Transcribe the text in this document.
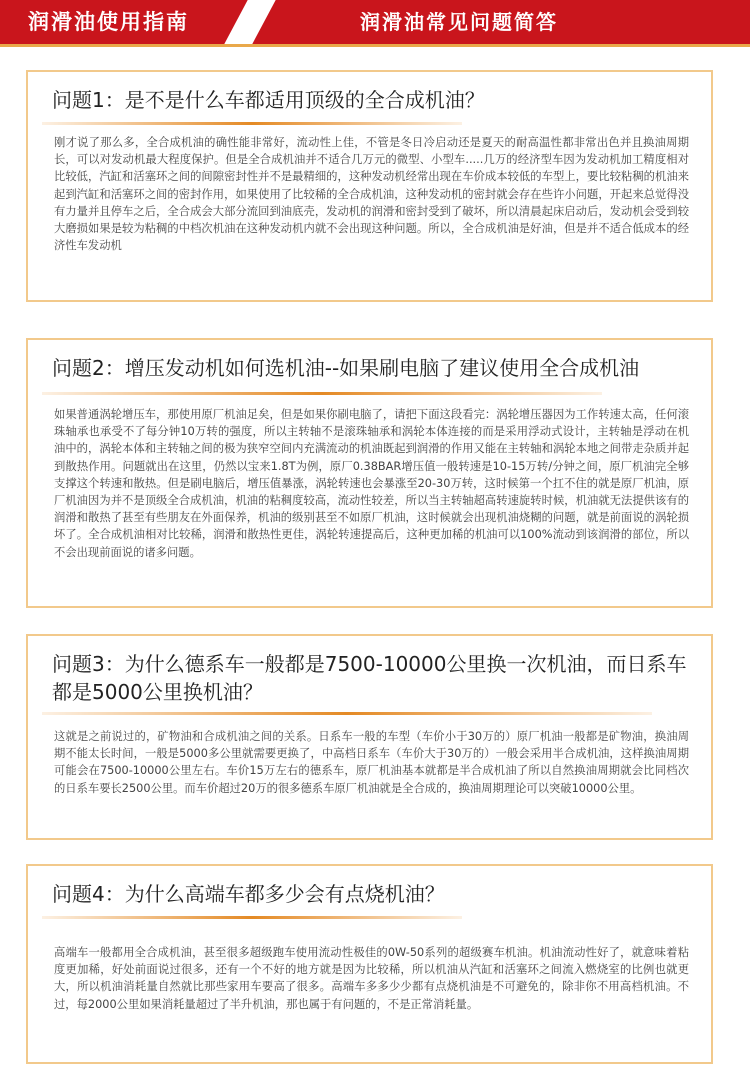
润滑油使用指南	润滑油常见问题简答
问题1：是不是什么车都适用顶级的全合成机油？
刚才说了那么多，全合成机油的确性能非常好，流动性上佳，不管是冬日冷启动还是夏天的耐高温性都非常出色并且换油周期长，可以对发动机最大程度保护。但是全合成机油并不适合几万元的微型、小型车.....几万的经济型车因为发动机加工精度相对比较低，汽缸和活塞环之间的间隙密封性并不是最精细的，这种发动机经常出现在车价成本较低的车型上，要比较粘稠的机油来起到汽缸和活塞环之间的密封作用，如果使用了比较稀的全合成机油，这种发动机的密封就会存在些许小问题，开起来总觉得没有力量并且停车之后，全合成会大部分流回到油底壳，发动机的润滑和密封受到了破坏，所以清晨起床启动后，发动机会受到较大磨损如果是较为粘稠的中档次机油在这种发动机内就不会出现这种问题。所以，全合成机油是好油，但是并不适合低成本的经济性车发动机
问题2：增压发动机如何选机油--如果刷电脑了建议使用全合成机油
如果普通涡轮增压车，那使用原厂机油足矣，但是如果你刷电脑了，请把下面这段看完：涡轮增压器因为工作转速太高，任何滚珠轴承也承受不了每分钟10万转的强度，所以主转轴不是滚珠轴承和涡轮本体连接的而是采用浮动式设计，主转轴是浮动在机油中的，涡轮本体和主转轴之间的极为狭窄空间内充满流动的机油既起到润滑的作用又能在主转轴和涡轮本地之间带走杂质并起到散热作用。问题就出在这里，仍然以宝来1.8T为例，原厂0.38BAR增压值一般转速是10-15万转/分钟之间，原厂机油完全够支撑这个转速和散热。但是刷电脑后，增压值暴涨，涡轮转速也会暴涨至20-30万转，这时候第一个扛不住的就是原厂机油，原厂机油因为并不是顶级全合成机油，机油的粘稠度较高，流动性较差，所以当主转轴超高转速旋转时候，机油就无法提供该有的润滑和散热了甚至有些朋友在外面保养，机油的级别甚至不如原厂机油，这时候就会出现机油烧糊的问题，就是前面说的涡轮损坏了。全合成机油相对比较稀，润滑和散热性更佳，涡轮转速提高后，这种更加稀的机油可以100%流动到该润滑的部位，所以不会出现前面说的诸多问题。
问题3：为什么德系车一般都是7500-10000公里换一次机油，而日系车都是5000公里换机油？
这就是之前说过的，矿物油和合成机油之间的关系。日系车一般的车型（车价小于30万的）原厂机油一般都是矿物油，换油周期不能太长时间，一般是5000多公里就需要更换了，中高档日系车（车价大于30万的）一般会采用半合成机油，这样换油周期可能会在7500-10000公里左右。车价15万左右的德系车，原厂机油基本就都是半合成机油了所以自然换油周期就会比同档次的日系车要长2500公里。而车价超过20万的很多德系车原厂机油就是全合成的，换油周期理论可以突破10000公里。
问题4：为什么高端车都多少会有点烧机油？
高端车一般都用全合成机油，甚至很多超级跑车使用流动性极佳的0W-50系列的超级赛车机油。机油流动性好了，就意味着粘度更加稀，好处前面说过很多，还有一个不好的地方就是因为比较稀，所以机油从汽缸和活塞环之间流入燃烧室的比例也就更大，所以机油消耗量自然就比那些家用车要高了很多。高端车多多少少都有点烧机油是不可避免的，除非你不用高档机油。不过，每2000公里如果消耗量超过了半升机油，那也属于有问题的，不是正常消耗量。
